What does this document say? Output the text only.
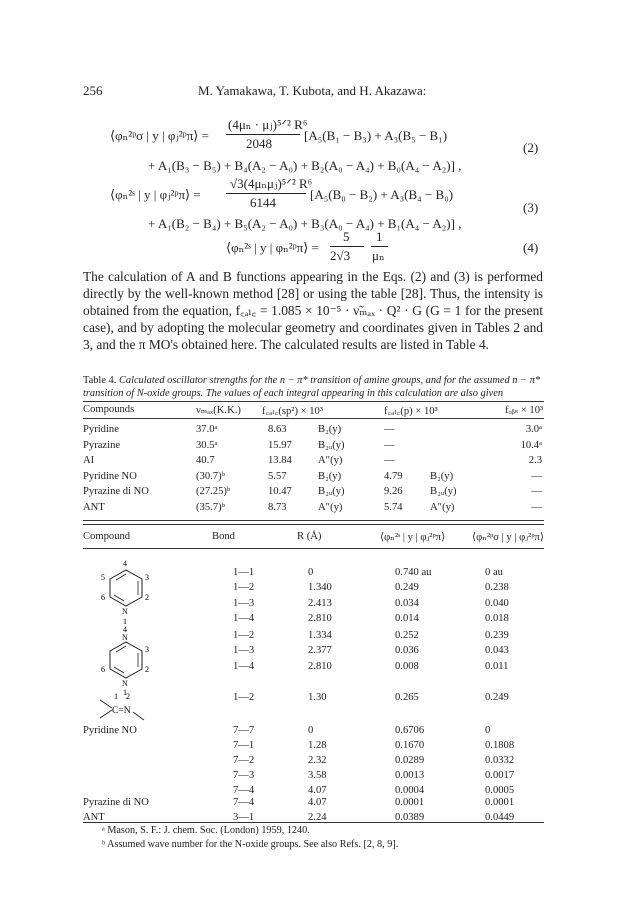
256	M. Yamakawa, T. Kubota, and H. Akazawa:
⟨φₙ²ᵖσ | y | φⱼ²ᵖπ⟩ =
(4μₙ · μⱼ)⁵ᐟ² R⁶
2048
[A₅(B₁ − B₃) + A₃(B₅ − B₁)
(2)
+ A₁(B₃ − B₅) + B₄(A₂ − A₀) + B₂(A₀ − A₄) + B₀(A₄ − A₂)] ,
⟨φₙ²ˢ | y | φⱼ²ᵖπ⟩ =
√3(4μₙμⱼ)⁵ᐟ² R⁶
6144
[A₅(B₀ − B₂) + A₃(B₄ − B₀)
(3)
+ A₁(B₂ − B₄) + B₅(A₂ − A₀) + B₃(A₀ − A₄) + B₁(A₄ − A₂)] ,
⟨φₙ²ˢ | y | φₙ²ᵖπ⟩ =
5
2√3
1
μₙ
(4)
The calculation of A and B functions appearing in the Eqs. (2) and (3) is performed directly by the well-known method [28] or using the table [28]. Thus, the intensity is obtained from the equation, f꜀ₐₗ꜀ = 1.085 × 10⁻⁵ · ν̃ₘₐₓ · Q² · G (G = 1 for the present case), and by adopting the molecular geometry and coordinates given in Tables 2 and 3, and the π MO's obtained here. The calculated results are listed in Table 4.
Table 4. Calculated oscillator strengths for the n − π* transition of amine groups, and for the assumed n − π* transition of N-oxide groups. The values of each integral appearing in this calculation are also given
Compounds	νₘₐₓ(K.K.) f꜀ₐₗ꜀(sp²) × 10³	f꜀ₐₗ꜀(p) × 10³	fₒᵦₛ × 10³
Pyridine	37.0ᵃ	8.63	B₂(y)	—	3.0ᵃ
Pyrazine	30.5ᵃ	15.97 B₂ᵤ(y)	—	10.4ᵃ
AI	40.7	13.84 A″(y)	—	2.3
Pyridine NO	(30.7)ᵇ	5.57	B₂(y)	4.79	B₂(y)	—
Pyrazine di NO	(27.25)ᵇ	10.47 B₂ᵤ(y)	9.26	B₂ᵤ(y)	—
ANT	(35.7)ᵇ	8.73	A″(y)	5.74	A″(y)	—
Compound	Bond	R (Å)	⟨φₙ²ˢ | y | φⱼ²ᵖπ⟩	⟨φₙ²ᵖσ | y | φⱼ²ᵖπ⟩
1—1	0	0.740 au	0 au
1—2	1.340	0.249	0.238
1—3	2.413	0.034	0.040
1—4	2.810	0.014	0.018
1—2	1.334	0.252	0.239
1—3	2.377	0.036	0.043
1—4	2.810	0.008	0.011
1—2	1.30	0.265	0.249
Pyridine NO	7—7	0	0.6706	0
7—1	1.28	0.1670	0.1808
7—2	2.32	0.0289	0.0332
7—3	3.58	0.0013	0.0017
7—4	4.07	0.0004	0.0005
Pyrazine di NO	7—4	4.07	0.0001	0.0001
ANT	3—1	2.24	0.0389	0.0449
4
5	3
6	2
N
1
4
N
3
6	2
N
1
1 2
C=N
ᵃ Mason, S. F.: J. chem. Soc. (London) 1959, 1240.
ᵇ Assumed wave number for the N-oxide groups. See also Refs. [2, 8, 9].
